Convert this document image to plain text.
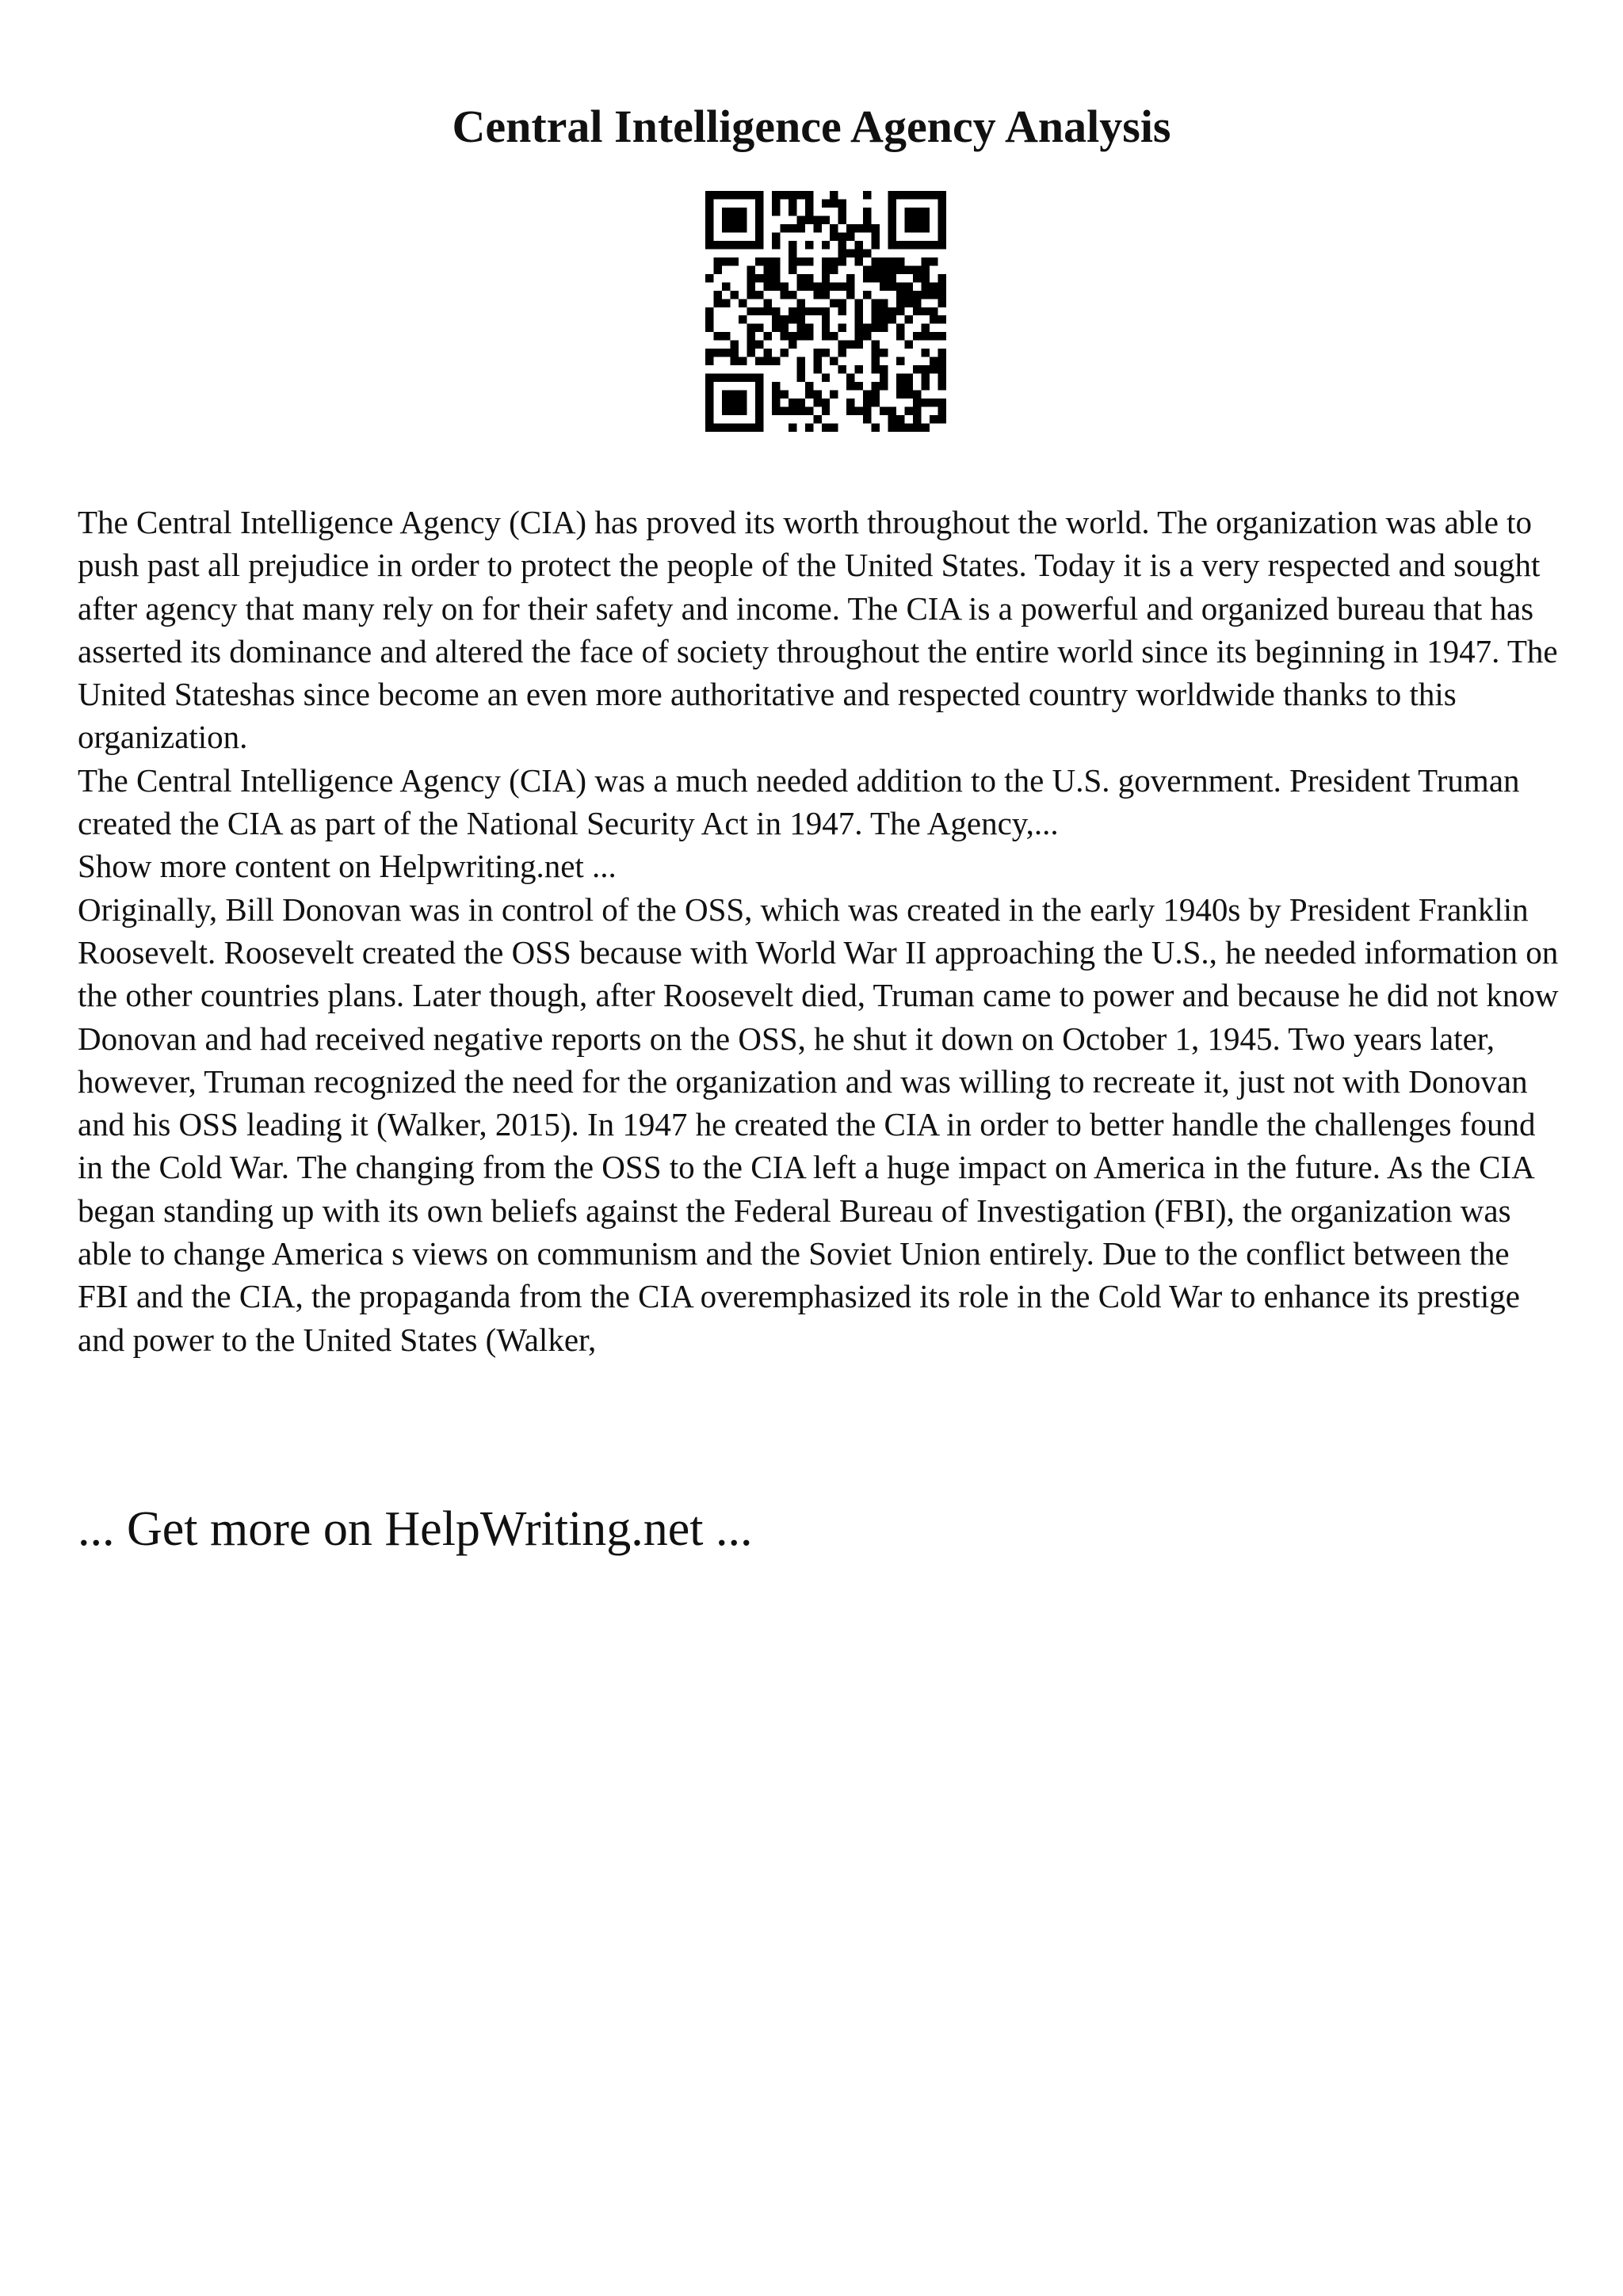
Central Intelligence Agency Analysis

The Central Intelligence Agency (CIA) has proved its worth throughout the world. The organization was able to push past all prejudice in order to protect the people of the United States. Today it is a very respected and sought after agency that many rely on for their safety and income. The CIA is a powerful and organized bureau that has asserted its dominance and altered the face of society throughout the entire world since its beginning in 1947. The United Stateshas since become an even more authoritative and respected country worldwide thanks to this organization.

The Central Intelligence Agency (CIA) was a much needed addition to the U.S. government. President Truman created the CIA as part of the National Security Act in 1947. The Agency,...

Show more content on Helpwriting.net ...

Originally, Bill Donovan was in control of the OSS, which was created in the early 1940s by President Franklin Roosevelt. Roosevelt created the OSS because with World War II approaching the U.S., he needed information on the other countries plans. Later though, after Roosevelt died, Truman came to power and because he did not know Donovan and had received negative reports on the OSS, he shut it down on October 1, 1945. Two years later, however, Truman recognized the need for the organization and was willing to recreate it, just not with Donovan and his OSS leading it (Walker, 2015). In 1947 he created the CIA in order to better handle the challenges found in the Cold War. The changing from the OSS to the CIA left a huge impact on America in the future. As the CIA began standing up with its own beliefs against the Federal Bureau of Investigation (FBI), the organization was able to change America s views on communism and the Soviet Union entirely. Due to the conflict between the FBI and the CIA, the propaganda from the CIA overemphasized its role in the Cold War to enhance its prestige and power to the United States (Walker,

... Get more on HelpWriting.net ...
